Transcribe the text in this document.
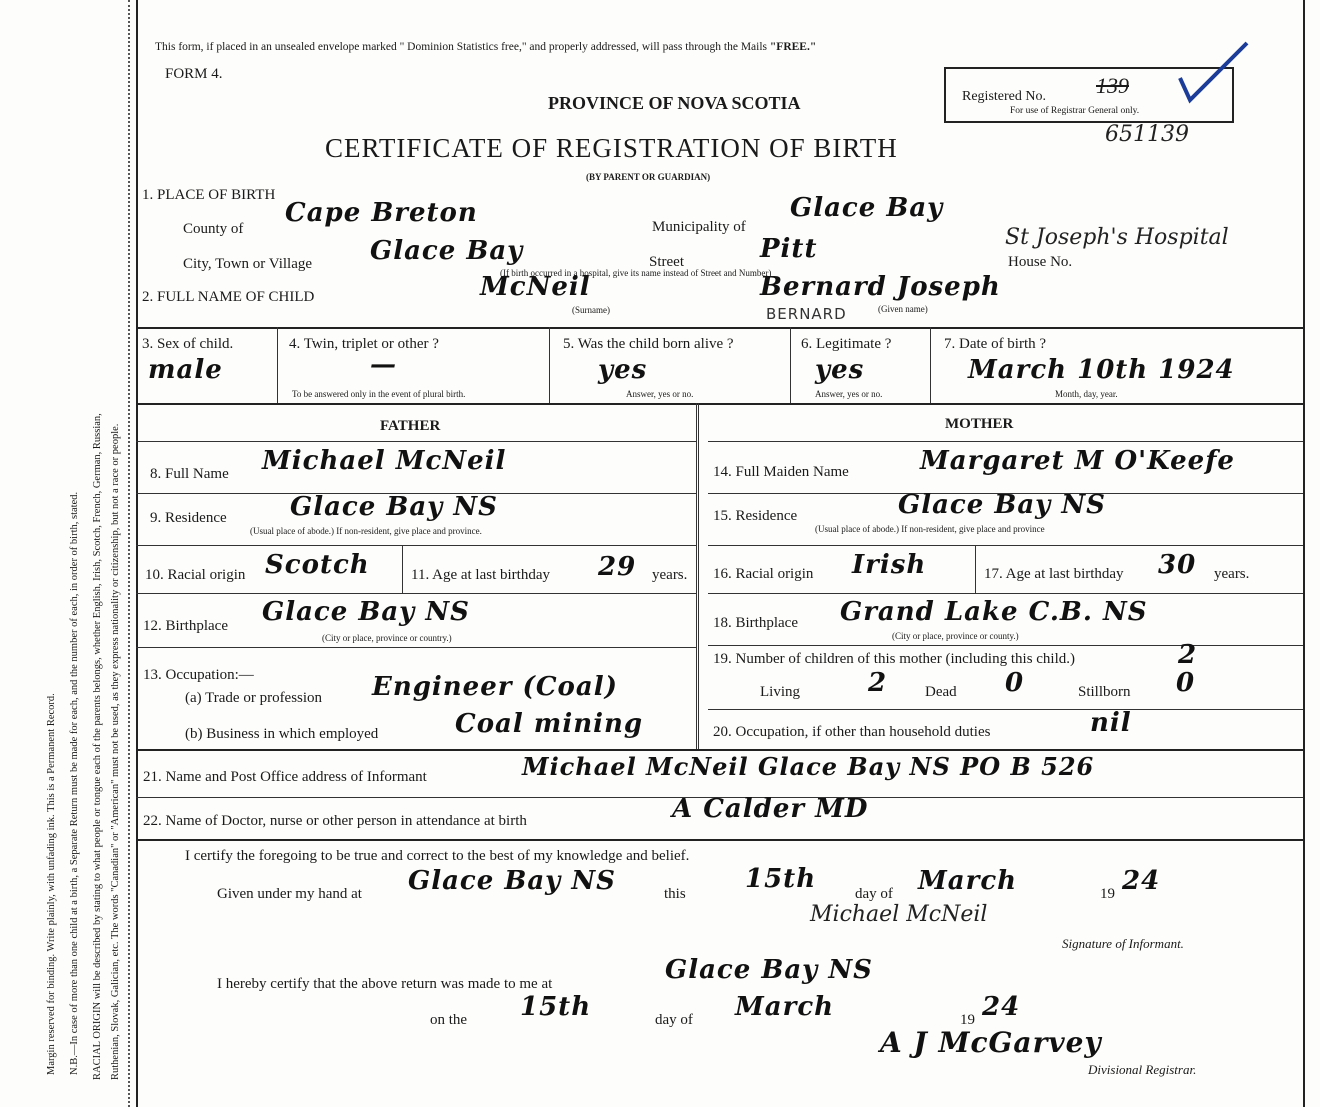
Margin reserved for binding. Write plainly, with unfading ink. This is a Permanent Record. N.B.—In case of more than one child at a birth, a Separate Return must be made for each, and the number of each, in order of birth, stated. RACIAL ORIGIN will be described by stating to what people or tongue each of the parents belongs, whether English, Irish, Scotch, French, German, Russian, Ruthenian, Slovak, Galician, etc. The words "Canadian" or "American" must not be used, as they express nationality or citizenship, but not a race or people.
This form, if placed in an unsealed envelope marked " Dominion Statistics free," and properly addressed, will pass through the Mails "FREE."
FORM 4.
PROVINCE OF NOVA SCOTIA
CERTIFICATE OF REGISTRATION OF BIRTH
(BY PARENT OR GUARDIAN)
Registered No. 139
For use of Registrar General only.
651139
1. PLACE OF BIRTH
County of
Cape Breton	Municipality of
Glace Bay
St Joseph's Hospital
City, Town or Village Glace Bay	Street	Pitt	House No.
(If birth occurred in a hospital, give its name instead of Street and Number)
2. FULL NAME OF CHILD	McNeil
(Surname)
Bernard Joseph
BERNARD	(Given name)
3. Sex of child.
male
4. Twin, triplet or other ?
—
To be answered only in the event of plural birth.
5. Was the child born alive ?
yes
Answer, yes or no.
6. Legitimate ?
yes
Answer, yes or no.
7. Date of birth ?
March 10th 1924
Month, day, year.
FATHER	MOTHER
8. Full Name Michael McNeil
9. Residence Glace Bay NS
(Usual place of abode.) If non-resident, give place and province.
10. Racial origin Scotch	11. Age at last birthday 29 years.
12. Birthplace Glace Bay NS
(City or place, province or country.)
13. Occupation:—
(a) Trade or profession Engineer (Coal)
(b) Business in which employed	Coal mining
14. Full Maiden Name	Margaret M O'Keefe
15. Residence	Glace Bay NS
(Usual place of abode.) If non-resident, give place and province
16. Racial origin Irish	17. Age at last birthday 30 years.
18. Birthplace Grand Lake C.B. NS
(City or place, province or county.)
19. Number of children of this mother (including this child.)	2
Living	2	Dead 0	Stillborn 0
20. Occupation, if other than household duties	nil
21. Name and Post Office address of Informant	Michael McNeil Glace Bay NS PO B 526
22. Name of Doctor, nurse or other person in attendance at birth	A Calder MD
I certify the foregoing to be true and correct to the best of my knowledge and belief.
Given under my hand at Glace Bay NS	this 15th	day of March	19 24
Michael McNeil
Signature of Informant.
I hereby certify that the above return was made to me at	Glace Bay NS
on the 15th	day of March	19 24
A J McGarvey
Divisional Registrar.
